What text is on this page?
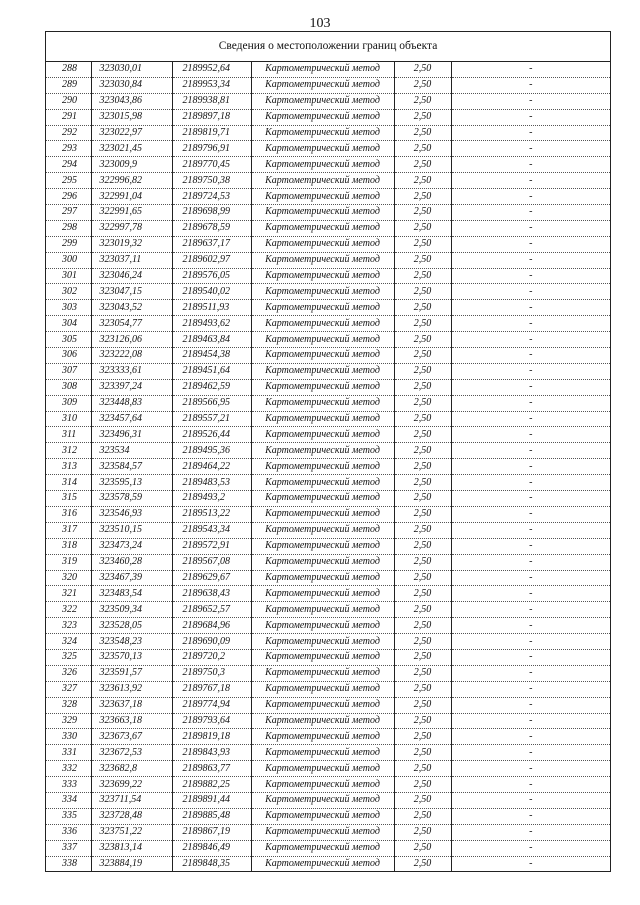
103
Сведения о местоположении границ объекта
288	323030,01	2189952,64	Картометрический метод	2,50	-
289	323030,84	2189953,34	Картометрический метод	2,50	-
290	323043,86	2189938,81	Картометрический метод	2,50	-
291	323015,98	2189897,18	Картометрический метод	2,50	-
292	323022,97	2189819,71	Картометрический метод	2,50	-
293	323021,45	2189796,91	Картометрический метод	2,50	-
294	323009,9	2189770,45	Картометрический метод	2,50	-
295	322996,82	2189750,38	Картометрический метод	2,50	-
296	322991,04	2189724,53	Картометрический метод	2,50	-
297	322991,65	2189698,99	Картометрический метод	2,50	-
298	322997,78	2189678,59	Картометрический метод	2,50	-
299	323019,32	2189637,17	Картометрический метод	2,50	-
300	323037,11	2189602,97	Картометрический метод	2,50	-
301	323046,24	2189576,05	Картометрический метод	2,50	-
302	323047,15	2189540,02	Картометрический метод	2,50	-
303	323043,52	2189511,93	Картометрический метод	2,50	-
304	323054,77	2189493,62	Картометрический метод	2,50	-
305	323126,06	2189463,84	Картометрический метод	2,50	-
306	323222,08	2189454,38	Картометрический метод	2,50	-
307	323333,61	2189451,64	Картометрический метод	2,50	-
308	323397,24	2189462,59	Картометрический метод	2,50	-
309	323448,83	2189566,95	Картометрический метод	2,50	-
310	323457,64	2189557,21	Картометрический метод	2,50	-
311	323496,31	2189526,44	Картометрический метод	2,50	-
312	323534	2189495,36	Картометрический метод	2,50	-
313	323584,57	2189464,22	Картометрический метод	2,50	-
314	323595,13	2189483,53	Картометрический метод	2,50	-
315	323578,59	2189493,2	Картометрический метод	2,50	-
316	323546,93	2189513,22	Картометрический метод	2,50	-
317	323510,15	2189543,34	Картометрический метод	2,50	-
318	323473,24	2189572,91	Картометрический метод	2,50	-
319	323460,28	2189567,08	Картометрический метод	2,50	-
320	323467,39	2189629,67	Картометрический метод	2,50	-
321	323483,54	2189638,43	Картометрический метод	2,50	-
322	323509,34	2189652,57	Картометрический метод	2,50	-
323	323528,05	2189684,96	Картометрический метод	2,50	-
324	323548,23	2189690,09	Картометрический метод	2,50	-
325	323570,13	2189720,2	Картометрический метод	2,50	-
326	323591,57	2189750,3	Картометрический метод	2,50	-
327	323613,92	2189767,18	Картометрический метод	2,50	-
328	323637,18	2189774,94	Картометрический метод	2,50	-
329	323663,18	2189793,64	Картометрический метод	2,50	-
330	323673,67	2189819,18	Картометрический метод	2,50	-
331	323672,53	2189843,93	Картометрический метод	2,50	-
332	323682,8	2189863,77	Картометрический метод	2,50	-
333	323699,22	2189882,25	Картометрический метод	2,50	-
334	323711,54	2189891,44	Картометрический метод	2,50	-
335	323728,48	2189885,48	Картометрический метод	2,50	-
336	323751,22	2189867,19	Картометрический метод	2,50	-
337	323813,14	2189846,49	Картометрический метод	2,50	-
338	323884,19	2189848,35	Картометрический метод	2,50	-
